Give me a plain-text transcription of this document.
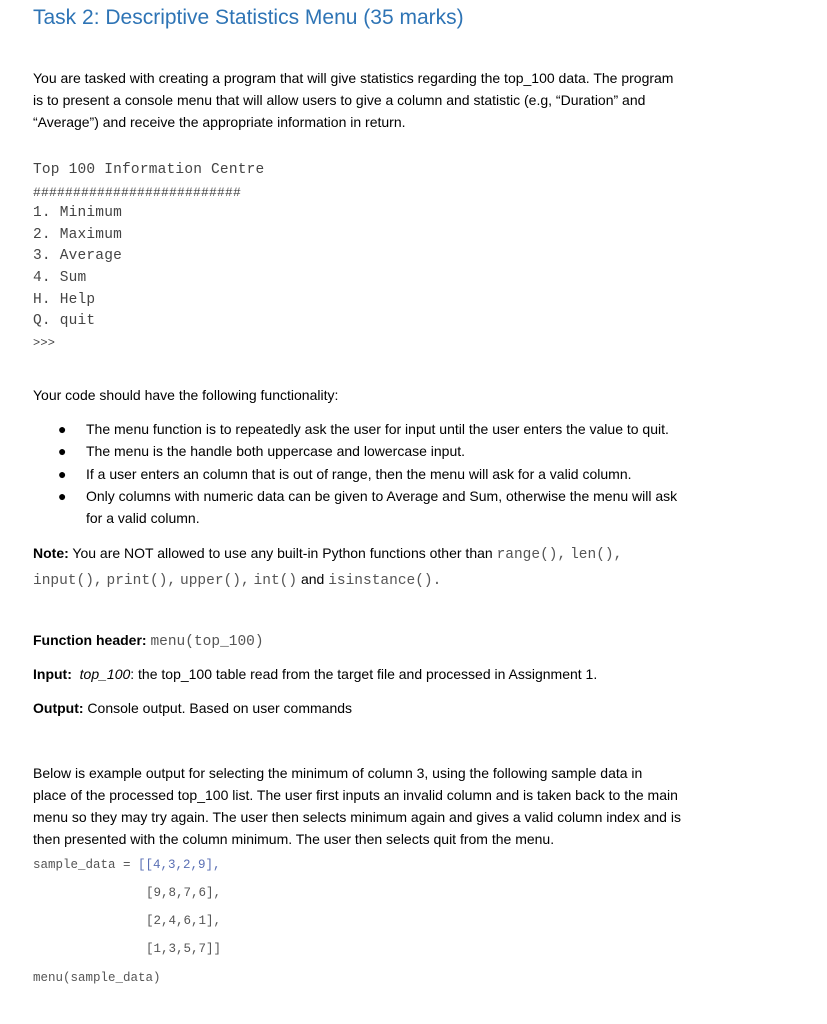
Task 2: Descriptive Statistics Menu (35 marks)
You are tasked with creating a program that will give statistics regarding the top_100 data. The program
is to present a console menu that will allow users to give a column and statistic (e.g, “Duration” and
“Average”) and receive the appropriate information in return.
Top 100 Information Centre
##########################
1. Minimum
2. Maximum
3. Average
4. Sum
H. Help
Q. quit
>>>
Your code should have the following functionality:
●	The menu function is to repeatedly ask the user for input until the user enters the value to quit.
●	The menu is the handle both uppercase and lowercase input.
●	If a user enters an column that is out of range, then the menu will ask for a valid column.
●	Only columns with numeric data can be given to Average and Sum, otherwise the menu will ask
for a valid column.
Note: You are NOT allowed to use any built-in Python functions other than range(), len(),
input(), print(), upper(), int() and isinstance().
Function header: menu(top_100)
Input: top_100: the top_100 table read from the target file and processed in Assignment 1.
Output: Console output. Based on user commands
Below is example output for selecting the minimum of column 3, using the following sample data in
place of the processed top_100 list. The user first inputs an invalid column and is taken back to the main
menu so they may try again. The user then selects minimum again and gives a valid column index and is
then presented with the column minimum. The user then selects quit from the menu.
sample_data = [[4,3,2,9],
[9,8,7,6],
[2,4,6,1],
[1,3,5,7]]
menu(sample_data)
